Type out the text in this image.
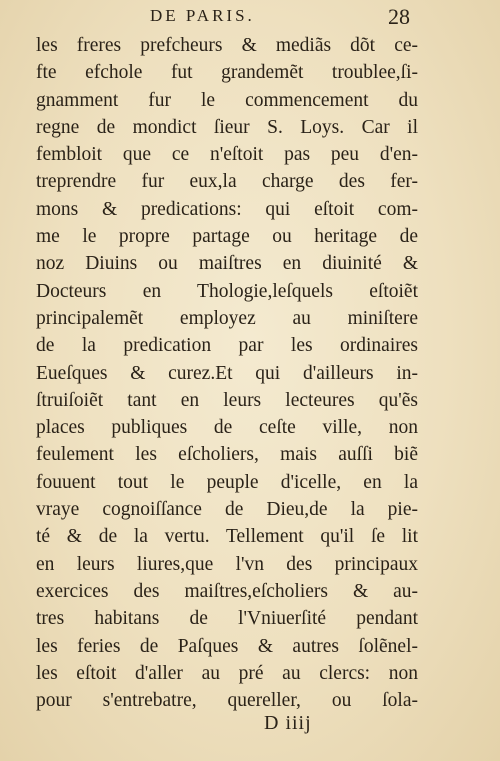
DE PARIS.	28
les freres prefcheurs & mediãs dõt ce-
fte efchole fut grandemẽt troublee,ſi-
gnamment fur le commencement du
regne de mondict ſieur S. Loys. Car il
fembloit que ce n'eſtoit pas peu d'en-
treprendre fur eux,la charge des fer-
mons & predications: qui eſtoit com-
me le propre partage ou heritage de
noz Diuins ou maiſtres en diuinité &
Docteurs en Thologie,leſquels eſtoiẽt
principalemẽt employez au miniſtere
de la predication par les ordinaires
Eueſques & curez.Et qui d'ailleurs in-
ſtruiſoiẽt tant en leurs lecteures qu'ẽs
places publiques de ceſte ville, non
feulement les eſcholiers, mais auſſi biẽ
fouuent tout le peuple d'icelle, en la
vraye cognoiſſance de Dieu,de la pie-
té & de la vertu. Tellement qu'il ſe lit
en leurs liures,que l'vn des principaux
exercices des maiſtres,eſcholiers & au-
tres habitans de l'Vniuerſité pendant
les feries de Paſques & autres ſolẽnel-
les eſtoit d'aller au pré au clercs: non
pour s'entrebatre, quereller, ou ſola-
D iiij
